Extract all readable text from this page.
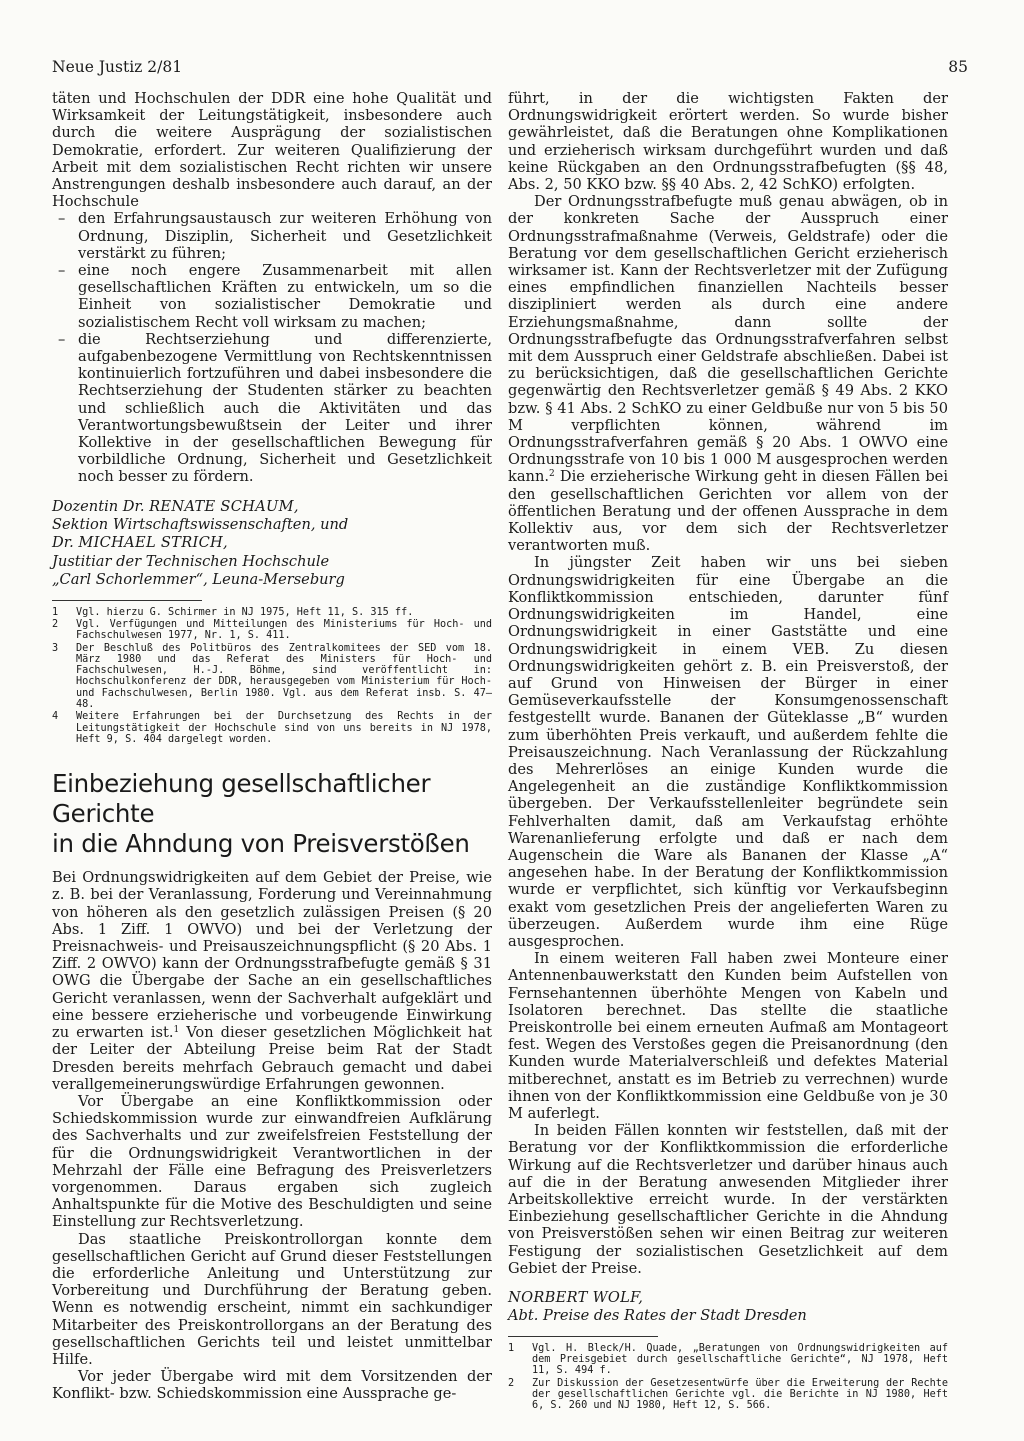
Neue Justiz 2/81	85

täten und Hochschulen der DDR eine hohe Qualität und Wirksamkeit der Leitungstätigkeit, insbesondere auch durch die weitere Ausprägung der sozialistischen Demokratie, erfordert. Zur weiteren Qualifizierung der Arbeit mit dem sozialistischen Recht richten wir unsere Anstrengungen deshalb insbesondere auch darauf, an der Hochschule

– den Erfahrungsaustausch zur weiteren Erhöhung von Ordnung, Disziplin, Sicherheit und Gesetzlichkeit verstärkt zu führen;
– eine noch engere Zusammenarbeit mit allen gesellschaftlichen Kräften zu entwickeln, um so die Einheit von sozialistischer Demokratie und sozialistischem Recht voll wirksam zu machen;
– die Rechtserziehung und differenzierte, aufgabenbezogene Vermittlung von Rechtskenntnissen kontinuierlich fortzuführen und dabei insbesondere die Rechtserziehung der Studenten stärker zu beachten und schließlich auch die Aktivitäten und das Verantwortungsbewußtsein der Leiter und ihrer Kollektive in der gesellschaftlichen Bewegung für vorbildliche Ordnung, Sicherheit und Gesetzlichkeit noch besser zu fördern.
Dozentin Dr. RENATE SCHAUM,
Sektion Wirtschaftswissenschaften, und
Dr. MICHAEL STRICH,
Justitiar der Technischen Hochschule
„Carl Schorlemmer“, Leuna-Merseburg
1	Vgl. hierzu G. Schirmer in NJ 1975, Heft 11, S. 315 ff.
2	Vgl. Verfügungen und Mitteilungen des Ministeriums für Hoch- und Fachschulwesen 1977, Nr. 1, S. 411.
3	Der Beschluß des Politbüros des Zentralkomitees der SED vom 18. März 1980 und das Referat des Ministers für Hoch- und Fachschulwesen, H.-J. Böhme, sind veröffentlicht in: Hochschulkonferenz der DDR, herausgegeben vom Ministerium für Hoch- und Fachschulwesen, Berlin 1980. Vgl. aus dem Referat insb. S. 47–48.
4	Weitere Erfahrungen bei der Durchsetzung des Rechts in der Leitungstätigkeit der Hochschule sind von uns bereits in NJ 1978, Heft 9, S. 404 dargelegt worden.
Einbeziehung gesellschaftlicher Gerichte
in die Ahndung von Preisverstößen

Bei Ordnungswidrigkeiten auf dem Gebiet der Preise, wie z. B. bei der Veranlassung, Forderung und Vereinnahmung von höheren als den gesetzlich zulässigen Preisen (§ 20 Abs. 1 Ziff. 1 OWVO) und bei der Verletzung der Preisnachweis- und Preisauszeichnungspflicht (§ 20 Abs. 1 Ziff. 2 OWVO) kann der Ordnungsstrafbefugte gemäß § 31 OWG die Übergabe der Sache an ein gesellschaftliches Gericht veranlassen, wenn der Sachverhalt aufgeklärt und eine bessere erzieherische und vorbeugende Einwirkung zu erwarten ist.$^1$ Von dieser gesetzlichen Möglichkeit hat der Leiter der Abteilung Preise beim Rat der Stadt Dresden bereits mehrfach Gebrauch gemacht und dabei verallgemeinerungswürdige Erfahrungen gewonnen.

Vor Übergabe an eine Konfliktkommission oder Schiedskommission wurde zur einwandfreien Aufklärung des Sachverhalts und zur zweifelsfreien Feststellung der für die Ordnungswidrigkeit Verantwortlichen in der Mehrzahl der Fälle eine Befragung des Preisverletzers vorgenommen. Daraus ergaben sich zugleich Anhaltspunkte für die Motive des Beschuldigten und seine Einstellung zur Rechtsverletzung.

Das staatliche Preiskontrollorgan konnte dem gesellschaftlichen Gericht auf Grund dieser Feststellungen die erforderliche Anleitung und Unterstützung zur Vorbereitung und Durchführung der Beratung geben. Wenn es notwendig erscheint, nimmt ein sachkundiger Mitarbeiter des Preiskontrollorgans an der Beratung des gesellschaftlichen Gerichts teil und leistet unmittelbar Hilfe.

Vor jeder Übergabe wird mit dem Vorsitzenden der Konflikt- bzw. Schiedskommission eine Aussprache ge-

führt, in der die wichtigsten Fakten der Ordnungswidrigkeit erörtert werden. So wurde bisher gewährleistet, daß die Beratungen ohne Komplikationen und erzieherisch wirksam durchgeführt wurden und daß keine Rückgaben an den Ordnungsstrafbefugten (§§ 48, Abs. 2, 50 KKO bzw. §§ 40 Abs. 2, 42 SchKO) erfolgten.

Der Ordnungsstrafbefugte muß genau abwägen, ob in der konkreten Sache der Ausspruch einer Ordnungsstrafmaßnahme (Verweis, Geldstrafe) oder die Beratung vor dem gesellschaftlichen Gericht erzieherisch wirksamer ist. Kann der Rechtsverletzer mit der Zufügung eines empfindlichen finanziellen Nachteils besser diszipliniert werden als durch eine andere Erziehungsmaßnahme, dann sollte der Ordnungsstrafbefugte das Ordnungsstrafverfahren selbst mit dem Ausspruch einer Geldstrafe abschließen. Dabei ist zu berücksichtigen, daß die gesellschaftlichen Gerichte gegenwärtig den Rechtsverletzer gemäß § 49 Abs. 2 KKO bzw. § 41 Abs. 2 SchKO zu einer Geldbuße nur von 5 bis 50 M verpflichten können, während im Ordnungsstrafverfahren gemäß § 20 Abs. 1 OWVO eine Ordnungsstrafe von 10 bis 1 000 M ausgesprochen werden kann.$^2$ Die erzieherische Wirkung geht in diesen Fällen bei den gesellschaftlichen Gerichten vor allem von der öffentlichen Beratung und der offenen Aussprache in dem Kollektiv aus, vor dem sich der Rechtsverletzer verantworten muß.

In jüngster Zeit haben wir uns bei sieben Ordnungswidrigkeiten für eine Übergabe an die Konfliktkommission entschieden, darunter fünf Ordnungswidrigkeiten im Handel, eine Ordnungswidrigkeit in einer Gaststätte und eine Ordnungswidrigkeit in einem VEB. Zu diesen Ordnungswidrigkeiten gehört z. B. ein Preisverstoß, der auf Grund von Hinweisen der Bürger in einer Gemüseverkaufsstelle der Konsumgenossenschaft festgestellt wurde. Bananen der Güteklasse „B“ wurden zum überhöhten Preis verkauft, und außerdem fehlte die Preisauszeichnung. Nach Veranlassung der Rückzahlung des Mehrerlöses an einige Kunden wurde die Angelegenheit an die zuständige Konfliktkommission übergeben. Der Verkaufsstellenleiter begründete sein Fehlverhalten damit, daß am Verkaufstag erhöhte Warenanlieferung erfolgte und daß er nach dem Augenschein die Ware als Bananen der Klasse „A“ angesehen habe. In der Beratung der Konfliktkommission wurde er verpflichtet, sich künftig vor Verkaufsbeginn exakt vom gesetzlichen Preis der angelieferten Waren zu überzeugen. Außerdem wurde ihm eine Rüge ausgesprochen.

In einem weiteren Fall haben zwei Monteure einer Antennenbauwerkstatt den Kunden beim Aufstellen von Fernsehantennen überhöhte Mengen von Kabeln und Isolatoren berechnet. Das stellte die staatliche Preiskontrolle bei einem erneuten Aufmaß am Montageort fest. Wegen des Verstoßes gegen die Preisanordnung (den Kunden wurde Materialverschleiß und defektes Material mitberechnet, anstatt es im Betrieb zu verrechnen) wurde ihnen von der Konfliktkommission eine Geldbuße von je 30 M auferlegt.

In beiden Fällen konnten wir feststellen, daß mit der Beratung vor der Konfliktkommission die erforderliche Wirkung auf die Rechtsverletzer und darüber hinaus auch auf die in der Beratung anwesenden Mitglieder ihrer Arbeitskollektive erreicht wurde. In der verstärkten Einbeziehung gesellschaftlicher Gerichte in die Ahndung von Preisverstößen sehen wir einen Beitrag zur weiteren Festigung der sozialistischen Gesetzlichkeit auf dem Gebiet der Preise.

NORBERT WOLF,
Abt. Preise des Rates der Stadt Dresden
1	Vgl. H. Bleck/H. Quade, „Beratungen von Ordnungswidrigkeiten auf dem Preisgebiet durch gesellschaftliche Gerichte“, NJ 1978, Heft 11, S. 494 f.
2	Zur Diskussion der Gesetzesentwürfe über die Erweiterung der Rechte der gesellschaftlichen Gerichte vgl. die Berichte in NJ 1980, Heft 6, S. 260 und NJ 1980, Heft 12, S. 566.
